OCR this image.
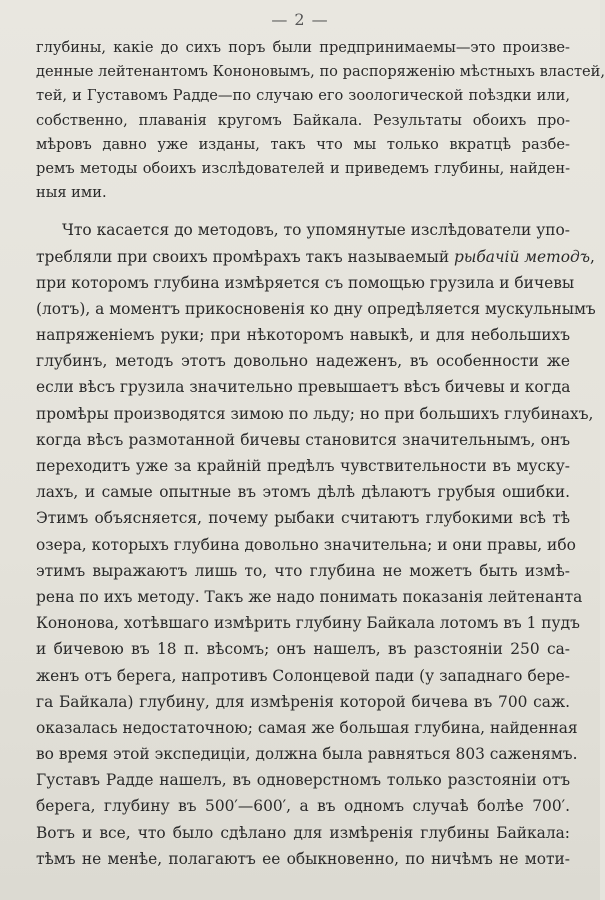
— 2 —
глубины, какіе до сихъ поръ были предпринимаемы—это произве-
денные лейтенантомъ Кононовымъ, по распоряженію мѣстныхъ властей,
тей, и Густавомъ Радде—по случаю его зоологической поѣздки или,
собственно, плаванія кругомъ Байкала. Результаты обоихъ про-
мѣровъ давно уже изданы, такъ что мы только вкратцѣ разбе-
ремъ методы обоихъ изслѣдователей и приведемъ глубины, найден-
ныя ими.
Что касается до методовъ, то упомянутые изслѣдователи упо-
требляли при своихъ промѣрахъ такъ называемый рыбачій методъ,
при которомъ глубина измѣряется съ помощью грузила и бичевы
(лотъ), а моментъ прикосновенія ко дну опредѣляется мускульнымъ
напряженіемъ руки; при нѣкоторомъ навыкѣ, и для небольшихъ
глубинъ, методъ этотъ довольно надеженъ, въ особенности же
если вѣсъ грузила значительно превышаетъ вѣсъ бичевы и когда
промѣры производятся зимою по льду; но при большихъ глубинахъ,
когда вѣсъ размотанной бичевы становится значительнымъ, онъ
переходитъ уже за крайній предѣлъ чувствительности въ муску-
лахъ, и самые опытные въ этомъ дѣлѣ дѣлаютъ грубыя ошибки.
Этимъ объясняется, почему рыбаки считаютъ глубокими всѣ тѣ
озера, которыхъ глубина довольно значительна; и они правы, ибо
этимъ выражаютъ лишь то, что глубина не можетъ быть измѣ-
рена по ихъ методу. Такъ же надо понимать показанія лейтенанта
Кононова, хотѣвшаго измѣрить глубину Байкала лотомъ въ 1 пудъ
и бичевою въ 18 п. вѣсомъ; онъ нашелъ, въ разстояніи 250 са-
женъ отъ берега, напротивъ Солонцевой пади (у западнаго бере-
га Байкала) глубину, для измѣренія которой бичева въ 700 саж.
оказалась недостаточною; самая же большая глубина, найденная
во время этой экспедиціи, должна была равняться 803 саженямъ.
Густавъ Радде нашелъ, въ одноверстномъ только разстояніи отъ
берега, глубину въ 500′—600′, а въ одномъ случаѣ болѣе 700′.
Вотъ и все, что было сдѣлано для измѣренія глубины Байкала:
тѣмъ не менѣе, полагаютъ ее обыкновенно, по ничѣмъ не моти-
